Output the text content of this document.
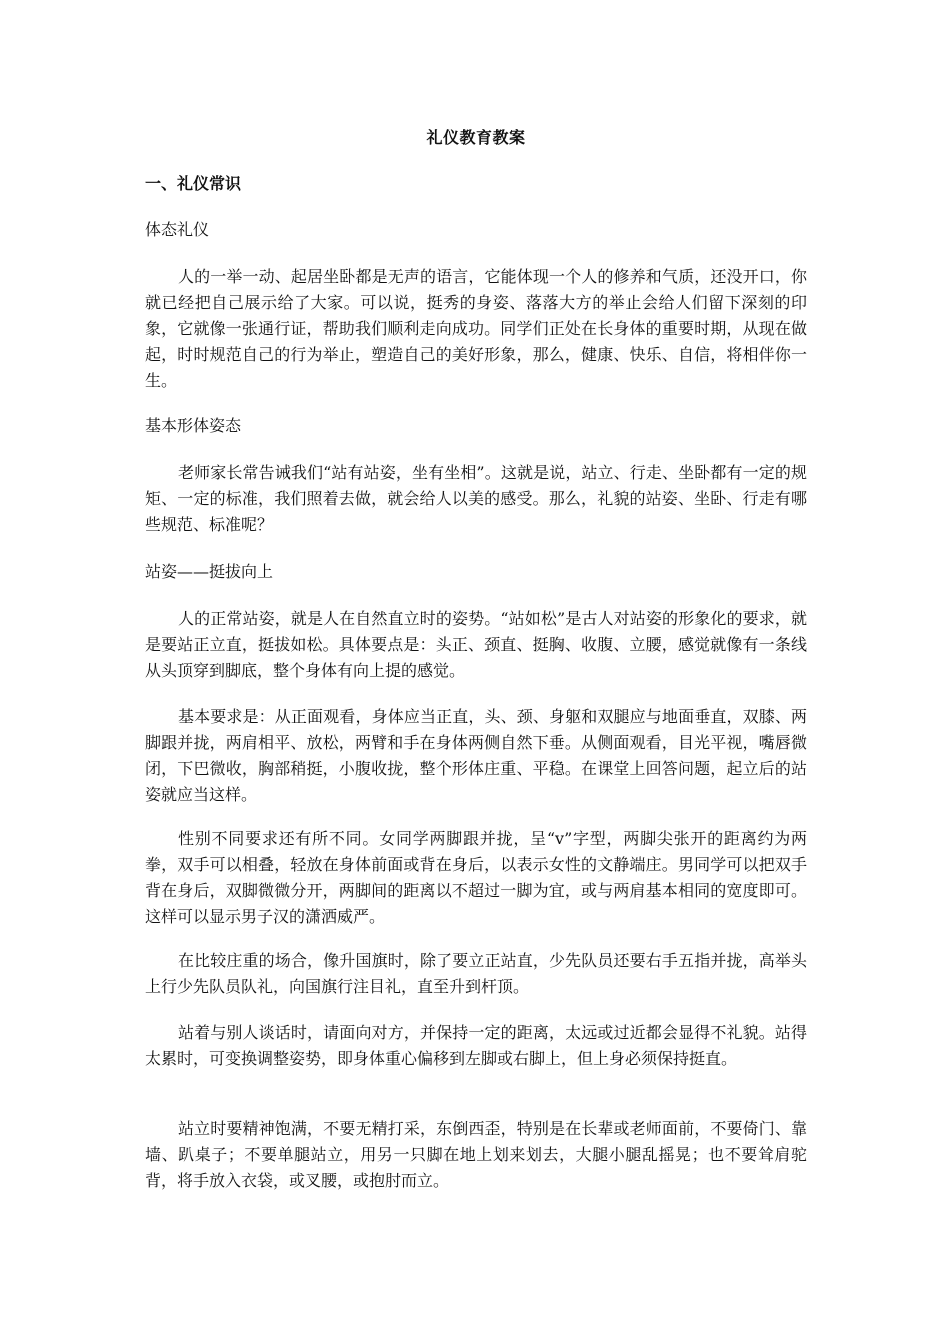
礼仪教育教案
一、礼仪常识
体态礼仪

人的一举一动、起居坐卧都是无声的语言，它能体现一个人的修养和气质，还没开口，你就已经把自己展示给了大家。可以说，挺秀的身姿、落落大方的举止会给人们留下深刻的印象，它就像一张通行证，帮助我们顺利走向成功。同学们正处在长身体的重要时期，从现在做起，时时规范自己的行为举止，塑造自己的美好形象，那么，健康、快乐、自信，将相伴你一生。

基本形体姿态

老师家长常告诫我们“站有站姿，坐有坐相”。这就是说，站立、行走、坐卧都有一定的规矩、一定的标准，我们照着去做，就会给人以美的感受。那么，礼貌的站姿、坐卧、行走有哪些规范、标准呢？

站姿——挺拔向上

人的正常站姿，就是人在自然直立时的姿势。“站如松”是古人对站姿的形象化的要求，就是要站正立直，挺拔如松。具体要点是：头正、颈直、挺胸、收腹、立腰，感觉就像有一条线从头顶穿到脚底，整个身体有向上提的感觉。

基本要求是：从正面观看，身体应当正直，头、颈、身躯和双腿应与地面垂直，双膝、两脚跟并拢，两肩相平、放松，两臂和手在身体两侧自然下垂。从侧面观看，目光平视，嘴唇微闭，下巴微收，胸部稍挺，小腹收拢，整个形体庄重、平稳。在课堂上回答问题，起立后的站姿就应当这样。

性别不同要求还有所不同。女同学两脚跟并拢，呈“v”字型，两脚尖张开的距离约为两拳，双手可以相叠，轻放在身体前面或背在身后，以表示女性的文静端庄。男同学可以把双手背在身后，双脚微微分开，两脚间的距离以不超过一脚为宜，或与两肩基本相同的宽度即可。这样可以显示男子汉的潇洒威严。

在比较庄重的场合，像升国旗时，除了要立正站直，少先队员还要右手五指并拢，高举头上行少先队员队礼，向国旗行注目礼，直至升到杆顶。

站着与别人谈话时，请面向对方，并保持一定的距离，太远或过近都会显得不礼貌。站得太累时，可变换调整姿势，即身体重心偏移到左脚或右脚上，但上身必须保持挺直。

站立时要精神饱满，不要无精打采，东倒西歪，特别是在长辈或老师面前，不要倚门、靠墙、趴桌子；不要单腿站立，用另一只脚在地上划来划去，大腿小腿乱摇晃；也不要耸肩驼背，将手放入衣袋，或叉腰，或抱肘而立。
